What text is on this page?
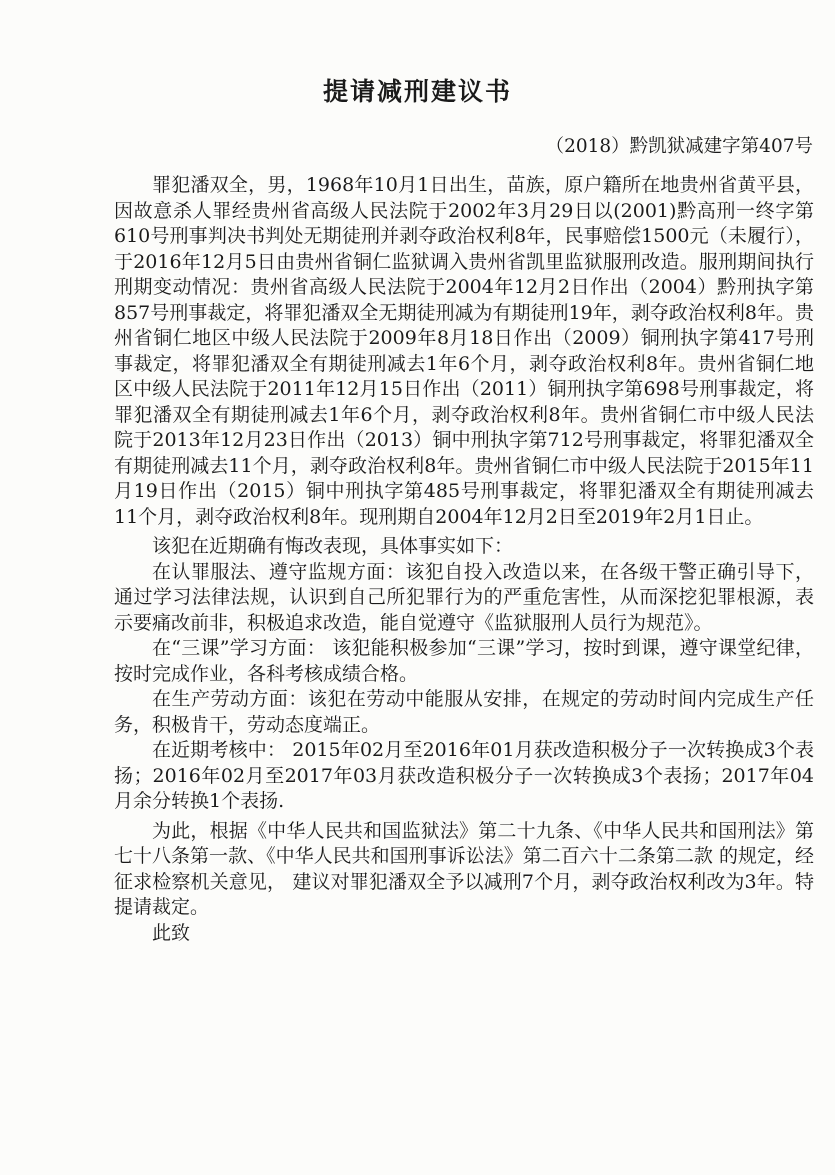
提请减刑建议书
（2018）黔凯狱减建字第407号

罪犯潘双全，男，1968年10月1日出生，苗族，原户籍所在地贵州省黄平县，因故意杀人罪经贵州省高级人民法院于2002年3月29日以(2001)黔高刑一终字第610号刑事判决书判处无期徒刑并剥夺政治权利8年，民事赔偿1500元（未履行），于2016年12月5日由贵州省铜仁监狱调入贵州省凯里监狱服刑改造。服刑期间执行刑期变动情况：贵州省高级人民法院于2004年12月2日作出（2004）黔刑执字第857号刑事裁定，将罪犯潘双全无期徒刑减为有期徒刑19年，剥夺政治权利8年。贵州省铜仁地区中级人民法院于2009年8月18日作出（2009）铜刑执字第417号刑事裁定，将罪犯潘双全有期徒刑减去1年6个月，剥夺政治权利8年。贵州省铜仁地区中级人民法院于2011年12月15日作出（2011）铜刑执字第698号刑事裁定，将罪犯潘双全有期徒刑减去1年6个月，剥夺政治权利8年。贵州省铜仁市中级人民法院于2013年12月23日作出（2013）铜中刑执字第712号刑事裁定，将罪犯潘双全有期徒刑减去11个月，剥夺政治权利8年。贵州省铜仁市中级人民法院于2015年11月19日作出（2015）铜中刑执字第485号刑事裁定，将罪犯潘双全有期徒刑减去11个月，剥夺政治权利8年。现刑期自2004年12月2日至2019年2月1日止。

该犯在近期确有悔改表现，具体事实如下：

在认罪服法、遵守监规方面：该犯自投入改造以来，在各级干警正确引导下，通过学习法律法规，认识到自己所犯罪行为的严重危害性，从而深挖犯罪根源，表示要痛改前非，积极追求改造，能自觉遵守《监狱服刑人员行为规范》。

在“三课”学习方面： 该犯能积极参加“三课”学习，按时到课，遵守课堂纪律，按时完成作业，各科考核成绩合格。

在生产劳动方面：该犯在劳动中能服从安排，在规定的劳动时间内完成生产任务，积极肯干，劳动态度端正。

在近期考核中： 2015年02月至2016年01月获改造积极分子一次转换成3个表扬；2016年02月至2017年03月获改造积极分子一次转换成3个表扬；2017年04月余分转换1个表扬.

为此，根据《中华人民共和国监狱法》第二十九条、《中华人民共和国刑法》第七十八条第一款、《中华人民共和国刑事诉讼法》第二百六十二条第二款 的规定，经征求检察机关意见， 建议对罪犯潘双全予以减刑7个月，剥夺政治权利改为3年。特提请裁定。

此致
